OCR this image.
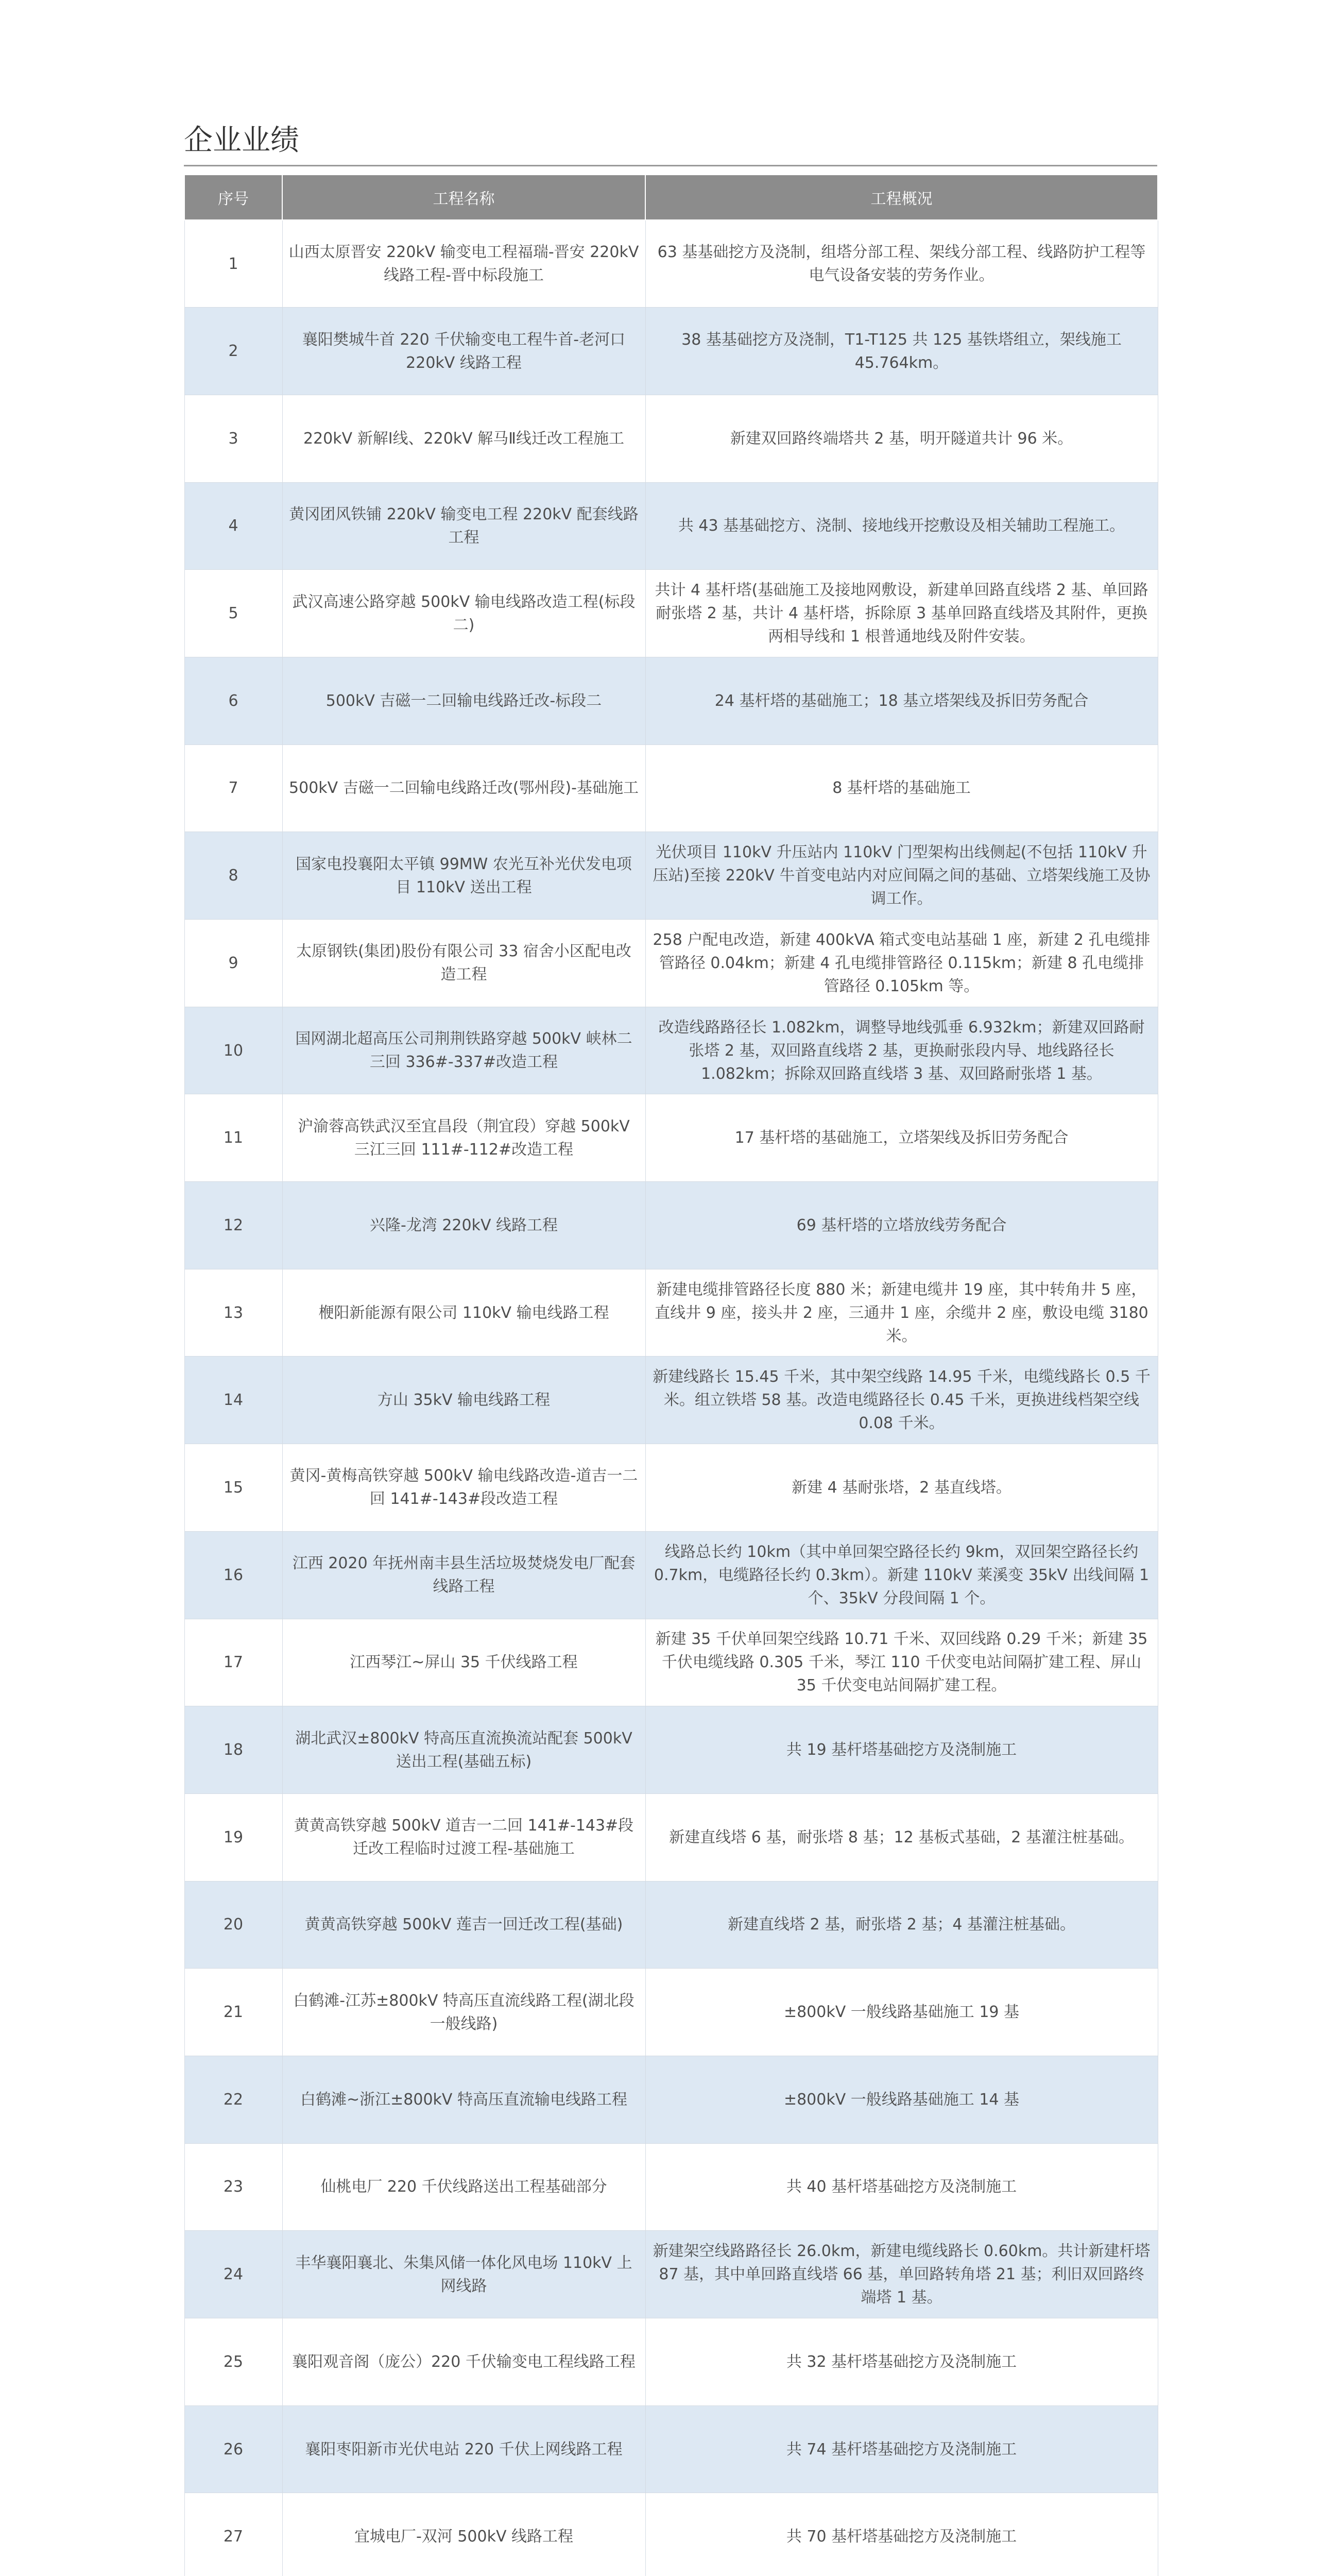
企业业绩
序号	工程名称	工程概况
1	山西太原晋安 220kV 输变电工程福瑞-晋安 220kV 线路工程-晋中标段施工	63 基基础挖方及浇制，组塔分部工程、架线分部工程、线路防护工程等电气设备安装的劳务作业。
2	襄阳樊城牛首 220 千伏输变电工程牛首-老河口 220kV 线路工程	38 基基础挖方及浇制，T1-T125 共 125 基铁塔组立，架线施工 45.764km。
3	220kV 新解Ⅰ线、220kV 解马Ⅱ线迁改工程施工	新建双回路终端塔共 2 基，明开隧道共计 96 米。
4	黄冈团风铁铺 220kV 输变电工程 220kV 配套线路工程	共 43 基基础挖方、浇制、接地线开挖敷设及相关辅助工程施工。
5	武汉高速公路穿越 500kV 输电线路改造工程(标段二)	共计 4 基杆塔(基础施工及接地网敷设，新建单回路直线塔 2 基、单回路耐张塔 2 基，共计 4 基杆塔，拆除原 3 基单回路直线塔及其附件，更换两相导线和 1 根普通地线及附件安装。
6	500kV 吉磁一二回输电线路迁改-标段二	24 基杆塔的基础施工；18 基立塔架线及拆旧劳务配合
7	500kV 吉磁一二回输电线路迁改(鄂州段)-基础施工	8 基杆塔的基础施工
8	国家电投襄阳太平镇 99MW 农光互补光伏发电项目 110kV 送出工程	光伏项目 110kV 升压站内 110kV 门型架构出线侧起(不包括 110kV 升压站)至接 220kV 牛首变电站内对应间隔之间的基础、立塔架线施工及协调工作。
9	太原钢铁(集团)股份有限公司 33 宿舍小区配电改造工程	258 户配电改造，新建 400kVA 箱式变电站基础 1 座，新建 2 孔电缆排管路径 0.04km；新建 4 孔电缆排管路径 0.115km；新建 8 孔电缆排管路径 0.105km 等。
10	国网湖北超高压公司荆荆铁路穿越 500kV 峡林二三回 336#-337#改造工程	改造线路路径长 1.082km，调整导地线弧垂 6.932km；新建双回路耐张塔 2 基，双回路直线塔 2 基，更换耐张段内导、地线路径长 1.082km；拆除双回路直线塔 3 基、双回路耐张塔 1 基。
11	沪渝蓉高铁武汉至宜昌段（荆宜段）穿越 500kV 三江三回 111#-112#改造工程	17 基杆塔的基础施工，立塔架线及拆旧劳务配合
12	兴隆-龙湾 220kV 线路工程	69 基杆塔的立塔放线劳务配合
13	楩阳新能源有限公司 110kV 输电线路工程	新建电缆排管路径长度 880 米；新建电缆井 19 座，其中转角井 5 座，直线井 9 座，接头井 2 座，三通井 1 座，余缆井 2 座，敷设电缆 3180 米。
14	方山 35kV 输电线路工程	新建线路长 15.45 千米，其中架空线路 14.95 千米，电缆线路长 0.5 千米。组立铁塔 58 基。改造电缆路径长 0.45 千米，更换进线档架空线 0.08 千米。
15	黄冈-黄梅高铁穿越 500kV 输电线路改造-道吉一二回 141#-143#段改造工程	新建 4 基耐张塔，2 基直线塔。
16	江西 2020 年抚州南丰县生活垃圾焚烧发电厂配套线路工程	线路总长约 10km（其中单回架空路径长约 9km，双回架空路径长约 0.7km，电缆路径长约 0.3km）。新建 110kV 莱溪变 35kV 出线间隔 1 个、35kV 分段间隔 1 个。
17	江西琴江~屏山 35 千伏线路工程	新建 35 千伏单回架空线路 10.71 千米、双回线路 0.29 千米；新建 35 千伏电缆线路 0.305 千米，琴江 110 千伏变电站间隔扩建工程、屏山 35 千伏变电站间隔扩建工程。
18	湖北武汉±800kV 特高压直流换流站配套 500kV 送出工程(基础五标)	共 19 基杆塔基础挖方及浇制施工
19	黄黄高铁穿越 500kV 道吉一二回 141#-143#段迁改工程临时过渡工程-基础施工	新建直线塔 6 基，耐张塔 8 基；12 基板式基础，2 基灌注桩基础。
20	黄黄高铁穿越 500kV 莲吉一回迁改工程(基础)	新建直线塔 2 基，耐张塔 2 基；4 基灌注桩基础。
21	白鹤滩-江苏±800kV 特高压直流线路工程(湖北段一般线路)	±800kV 一般线路基础施工 19 基
22	白鹤滩~浙江±800kV 特高压直流输电线路工程	±800kV 一般线路基础施工 14 基
23	仙桃电厂 220 千伏线路送出工程基础部分	共 40 基杆塔基础挖方及浇制施工
24	丰华襄阳襄北、朱集风储一体化风电场 110kV 上网线路	新建架空线路路径长 26.0km，新建电缆线路长 0.60km。共计新建杆塔 87 基，其中单回路直线塔 66 基，单回路转角塔 21 基；利旧双回路终端塔 1 基。
25	襄阳观音阁（庞公）220 千伏输变电工程线路工程	共 32 基杆塔基础挖方及浇制施工
26	襄阳枣阳新市光伏电站 220 千伏上网线路工程	共 74 基杆塔基础挖方及浇制施工
27	宜城电厂-双河 500kV 线路工程	共 70 基杆塔基础挖方及浇制施工
